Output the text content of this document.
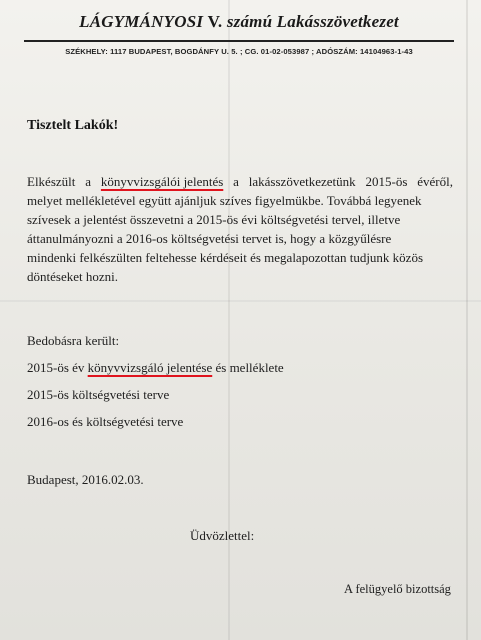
LÁGYMÁNYOSI V. számú Lakásszövetkezet
SZÉKHELY: 1117 BUDAPEST, BOGDÁNFY U. 5. ; CG. 01-02-053987 ; ADÓSZÁM: 14104963-1-43
Tisztelt Lakók!
Elkészült a könyvvizsgálói jelentés a lakásszövetkezetünk 2015-ös évéről,
melyet mellékletével együtt ajánljuk szíves figyelmükbe. Továbbá legyenek
szívesek a jelentést összevetni a 2015-ös évi költségvetési tervel, illetve
áttanulmányozni a 2016-os költségvetési tervet is, hogy a közgyűlésre
mindenki felkészülten feltehesse kérdéseit és megalapozottan tudjunk közös
döntéseket hozni.
Bedobásra került:
2015-ös év könyvvizsgáló jelentése és melléklete
2015-ös költségvetési terve
2016-os és költségvetési terve
Budapest, 2016.02.03.
Üdvözlettel:
A felügyelő bizottság
